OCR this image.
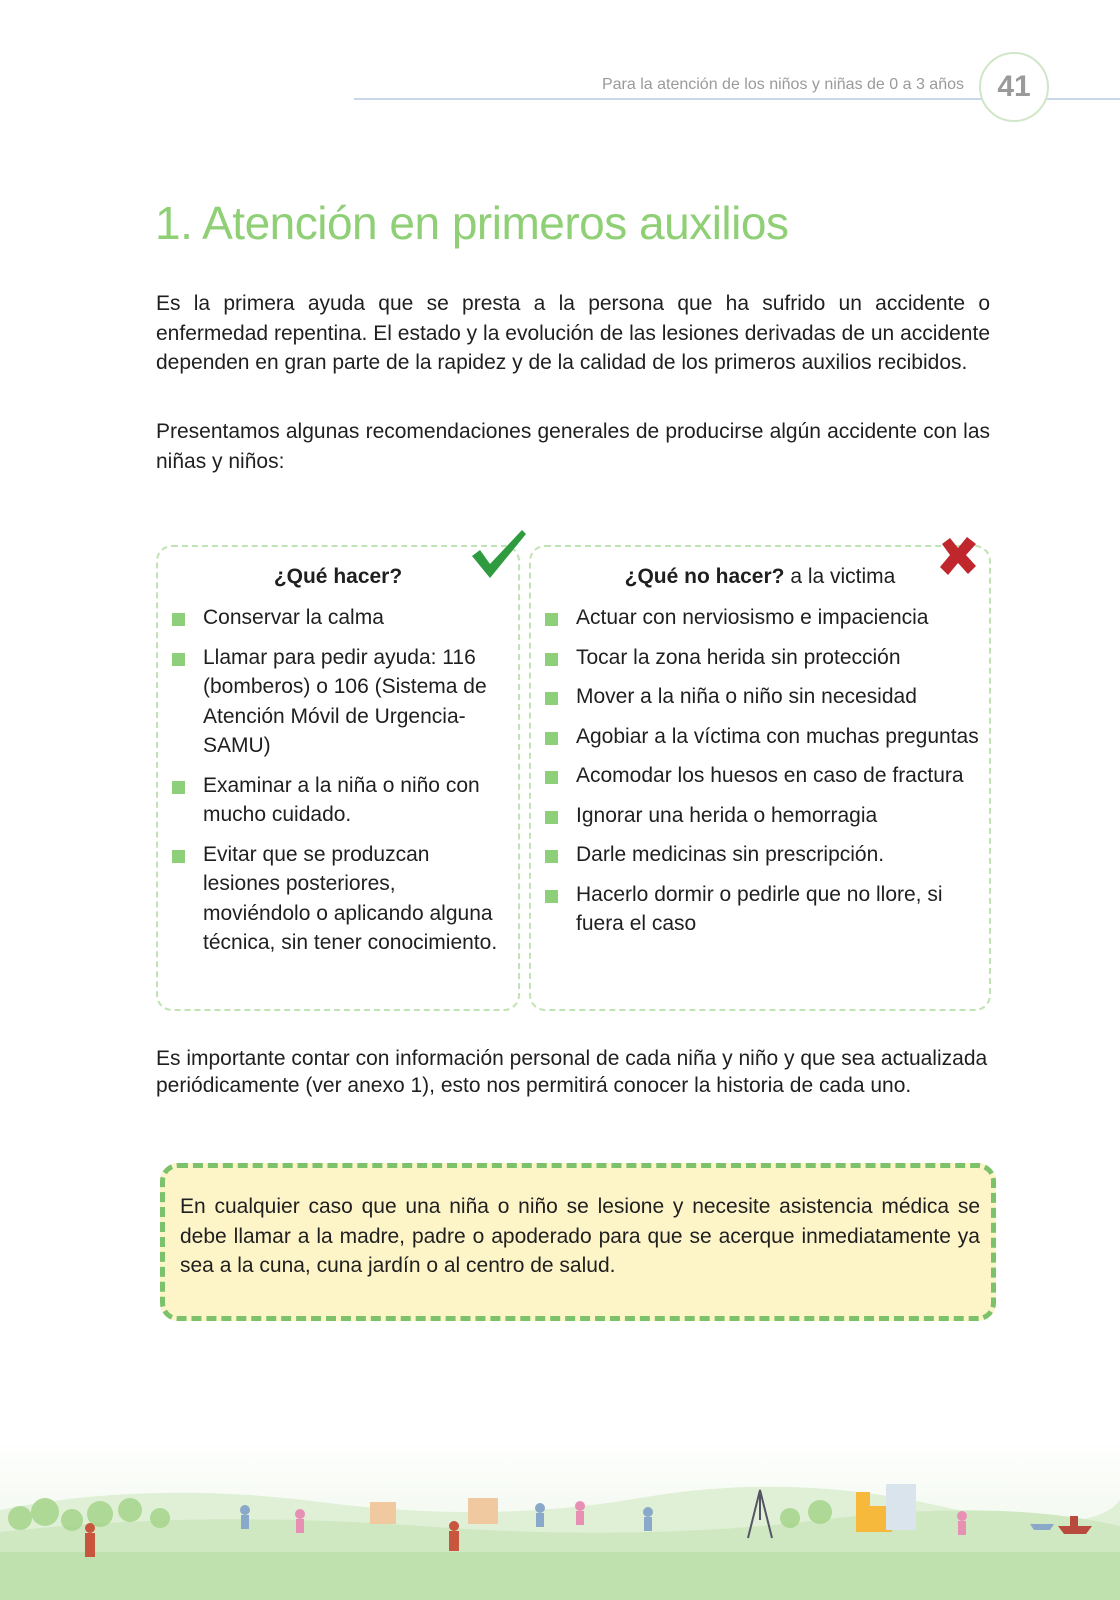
Para la atención de los niños y niñas de 0 a 3 años	41
1. Atención en primeros auxilios

Es la primera ayuda que se presta a la persona que ha sufrido un accidente o enfermedad repentina. El estado y la evolución de las lesiones derivadas de un accidente dependen en gran parte de la rapidez y de la calidad de los primeros auxilios recibidos.

Presentamos algunas recomendaciones generales de producirse algún accidente con las niñas y niños:

¿Qué hacer?
Conservar la calma
Llamar para pedir ayuda: 116 (bomberos) o 106 (Sistema de Atención Móvil de Urgencia-SAMU)
Examinar a la niña o niño con mucho cuidado.
Evitar que se produzcan lesiones posteriores, moviéndolo o aplicando alguna técnica, sin tener conocimiento.
¿Qué no hacer? a la victima
Actuar con nerviosismo e impaciencia
Tocar la zona herida sin protección
Mover a la niña o niño sin necesidad
Agobiar a la víctima con muchas preguntas
Acomodar los huesos en caso de fractura
Ignorar una herida o hemorragia
Darle medicinas sin prescripción.
Hacerlo dormir o pedirle que no llore, si fuera el caso

Es importante contar con información personal de cada niña y niño y que sea actualizada periódicamente (ver anexo 1), esto nos permitirá conocer la historia de cada uno.

En cualquier caso que una niña o niño se lesione y necesite asistencia médica se debe llamar a la madre, padre o apoderado para que se acerque inmediatamente ya sea a la cuna, cuna jardín o al centro de salud.
